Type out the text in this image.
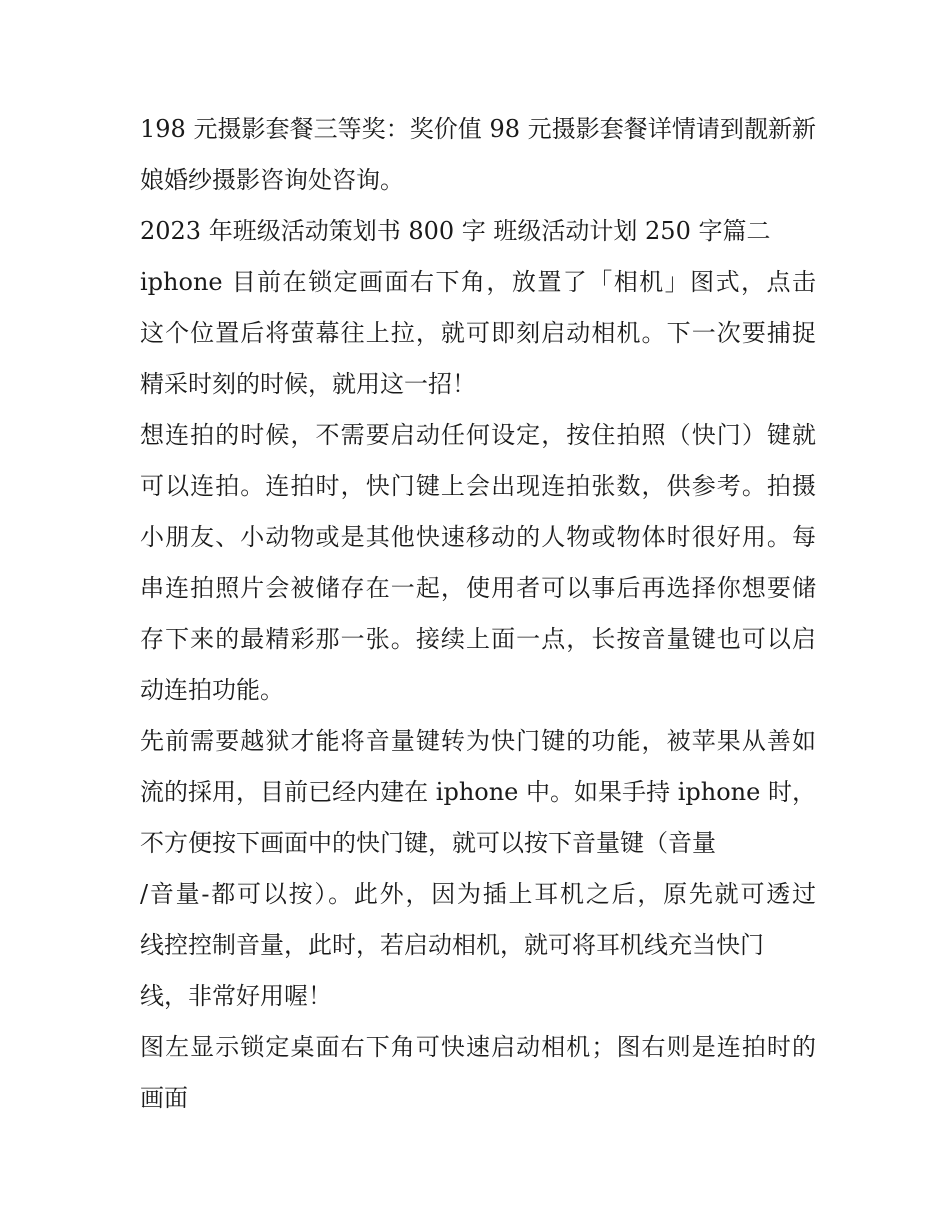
198 元摄影套餐三等奖：奖价值 98 元摄影套餐详情请到靓新新
娘婚纱摄影咨询处咨询。
2023 年班级活动策划书 800 字 班级活动计划 250 字篇二
iphone 目前在锁定画面右下角，放置了「相机」图式，点击
这个位置后将萤幕往上拉，就可即刻启动相机。下一次要捕捉
精采时刻的时候，就用这一招！
想连拍的时候，不需要启动任何设定，按住拍照（快门）键就
可以连拍。连拍时，快门键上会出现连拍张数，供参考。拍摄
小朋友、小动物或是其他快速移动的人物或物体时很好用。每
串连拍照片会被储存在一起，使用者可以事后再选择你想要储
存下来的最精彩那一张。接续上面一点，长按音量键也可以启
动连拍功能。
先前需要越狱才能将音量键转为快门键的功能，被苹果从善如
流的採用，目前已经内建在 iphone 中。如果手持 iphone 时，
不方便按下画面中的快门键，就可以按下音量键（音量
/音量-都可以按）。此外，因为插上耳机之后，原先就可透过
线控控制音量，此时，若启动相机，就可将耳机线充当快门
线，非常好用喔！
图左显示锁定桌面右下角可快速启动相机；图右则是连拍时的
画面
